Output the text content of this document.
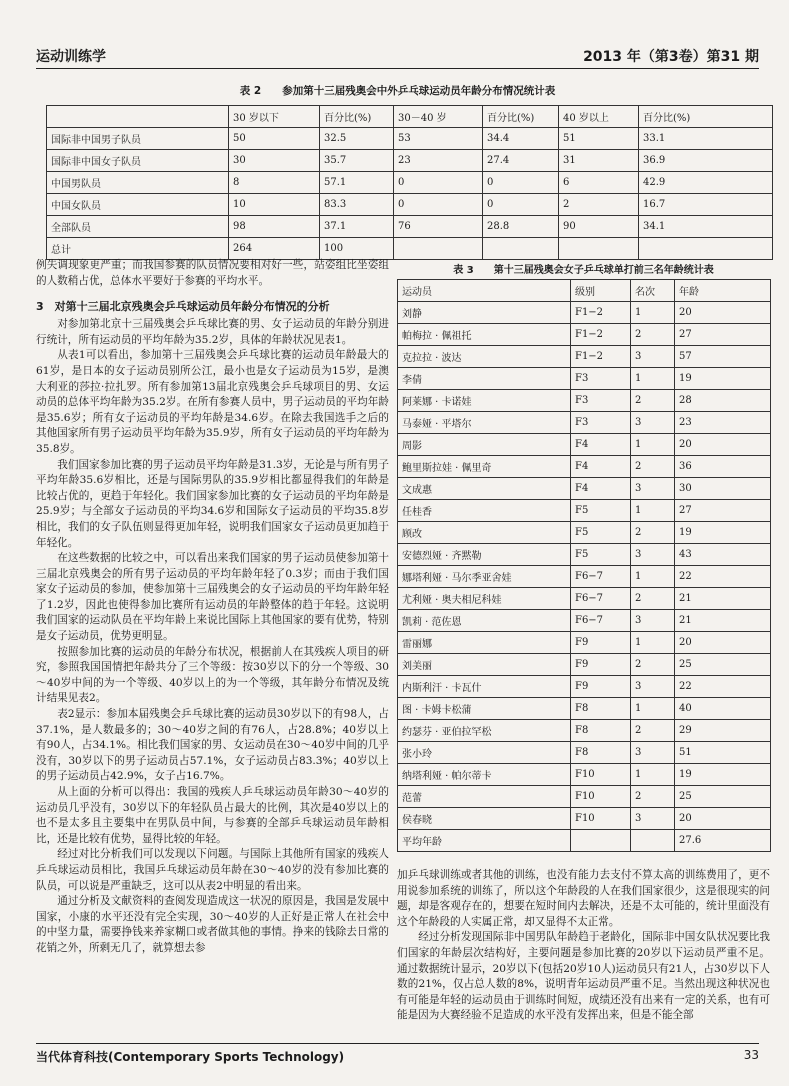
运动训练学	2013 年（第3卷）第31 期
表 2　　参加第十三届残奥会中外乒乓球运动员年龄分布情况统计表
	30 岁以下	百分比(%)	30－40 岁	百分比(%)	40 岁以上	百分比(%)
国际非中国男子队员	50	32.5	53	34.4	51	33.1
国际非中国女子队员	30	35.7	23	27.4	31	36.9
中国男队员	8	57.1	0	0	6	42.9
中国女队员	10	83.3	0	0	2	16.7
全部队员	98	37.1	76	28.8	90	34.1
总计	264	100				
表 3　　第十三届残奥会女子乒乓球单打前三名年龄统计表
运动员	级别	名次	年龄
刘静	F1−2	1	20
帕梅拉 · 佩祖托	F1−2	2	27
克拉拉 · 波达	F1−2	3	57
李倩	F3	1	19
阿莱娜 · 卡诺娃	F3	2	28
马泰娅 · 平塔尔	F3	3	23
周影	F4	1	20
鲍里斯拉娃 · 佩里奇	F4	2	36
文成惠	F4	3	30
任桂香	F5	1	27
顾改	F5	2	19
安德烈娅 · 齐黙勒	F5	3	43
娜塔利娅 · 马尔季亚舍娃	F6−7	1	22
尤利娅 · 奥夫相尼科娃	F6−7	2	21
凯莉 · 范佐恩	F6−7	3	21
雷丽娜	F9	1	20
刘美丽	F9	2	25
内斯利汗 · 卡瓦什	F9	3	22
图 · 卡姆卡松蒲	F8	1	40
约瑟芬 · 亚伯拉罕松	F8	2	29
张小玲	F8	3	51
纳塔利娅 · 帕尔蒂卡	F10	1	19
范蕾	F10	2	25
侯春晓	F10	3	20
平均年龄			27.6

例失调现象更严重；而我国参赛的队员情况要相对好一些，站姿组比坐姿组的人数稍占优，总体水平要好于参赛的平均水平。

3　对第十三届北京残奥会乒乓球运动员年龄分布情况的分析

对参加第北京十三届残奥会乒乓球比赛的男、女子运动员的年龄分别进行统计，所有运动员的平均年龄为35.2岁，具体的年龄状况见表1。

从表1可以看出，参加第十三届残奥会乒乓球比赛的运动员年龄最大的61岁，是日本的女子运动员别所公江，最小也是女子运动员为15岁，是澳大利亚的莎拉·拉扎罗。所有参加第13届北京残奥会乒乓球项目的男、女运动员的总体平均年龄为35.2岁。在所有参赛人员中，男子运动员的平均年龄是35.6岁；所有女子运动员的平均年龄是34.6岁。在除去我国选手之后的其他国家所有男子运动员平均年龄为35.9岁，所有女子运动员的平均年龄为35.8岁。

我们国家参加比赛的男子运动员平均年龄是31.3岁，无论是与所有男子平均年龄35.6岁相比，还是与国际男队的35.9岁相比都显得我们的年龄是比较占优的，更趋于年轻化。我们国家参加比赛的女子运动员的平均年龄是25.9岁；与全部女子运动员的平均34.6岁和国际女子运动员的平均35.8岁相比，我们的女子队伍则显得更加年轻，说明我们国家女子运动员更加趋于年轻化。

在这些数据的比较之中，可以看出来我们国家的男子运动员使参加第十三届北京残奥会的所有男子运动员的平均年龄年轻了0.3岁；而由于我们国家女子运动员的参加，使参加第十三届残奥会的女子运动员的平均年龄年轻了1.2岁，因此也使得参加比赛所有运动员的年龄整体的趋于年轻。这说明我们国家的运动队员在平均年龄上来说比国际上其他国家的要有优势，特别是女子运动员，优势更明显。

按照参加比赛的运动员的年龄分布状况，根据前人在其残疾人项目的研究，参照我国国情把年龄共分了三个等级：按30岁以下的分一个等级、30～40岁中间的为一个等级、40岁以上的为一个等级，其年龄分布情况及统计结果见表2。

表2显示：参加本届残奥会乒乓球比赛的运动员30岁以下的有98人，占37.1%，是人数最多的；30～40岁之间的有76人，占28.8%；40岁以上有90人，占34.1%。相比我们国家的男、女运动员在30～40岁中间的几乎没有，30岁以下的男子运动员占57.1%，女子运动员占83.3%；40岁以上的男子运动员占42.9%，女子占16.7%。

从上面的分析可以得出：我国的残疾人乒乓球运动员年龄30～40岁的运动员几乎没有，30岁以下的年轻队员占最大的比例，其次是40岁以上的也不是太多且主要集中在男队员中间，与参赛的全部乒乓球运动员年龄相比，还是比较有优势，显得比较的年轻。

经过对比分析我们可以发现以下问题。与国际上其他所有国家的残疾人乒乓球运动员相比，我国乒乓球运动员年龄在30～40岁的没有参加比赛的队员，可以说是严重缺乏，这可以从表2中明显的看出来。

通过分析及文献资料的查阅发现造成这一状况的原因是，我国是发展中国家，小康的水平还没有完全实现，30～40岁的人正好是正常人在社会中的中坚力量，需要挣钱来养家糊口或者做其他的事情。挣来的钱除去日常的花销之外，所剩无几了，就算想去参

加乒乓球训练或者其他的训练，也没有能力去支付不算太高的训练费用了，更不用说参加系统的训练了，所以这个年龄段的人在我们国家很少，这是很现实的问题，却是客观存在的，想要在短时间内去解决，还是不太可能的，统计里面没有这个年龄段的人实属正常，却又显得不太正常。

经过分析发现国际非中国男队年龄趋于老龄化，国际非中国女队状况要比我们国家的年龄层次结构好，主要问题是参加比赛的20岁以下运动员严重不足。通过数据统计显示，20岁以下(包括20岁10人)运动员只有21人，占30岁以下人数的21%，仅占总人数的8%，说明青年运动员严重不足。当然出现这种状况也有可能是年轻的运动员由于训练时间短，成绩还没有出来有一定的关系，也有可能是因为大赛经验不足造成的水平没有发挥出来，但是不能全部

当代体育科技(Contemporary Sports Technology)	33
